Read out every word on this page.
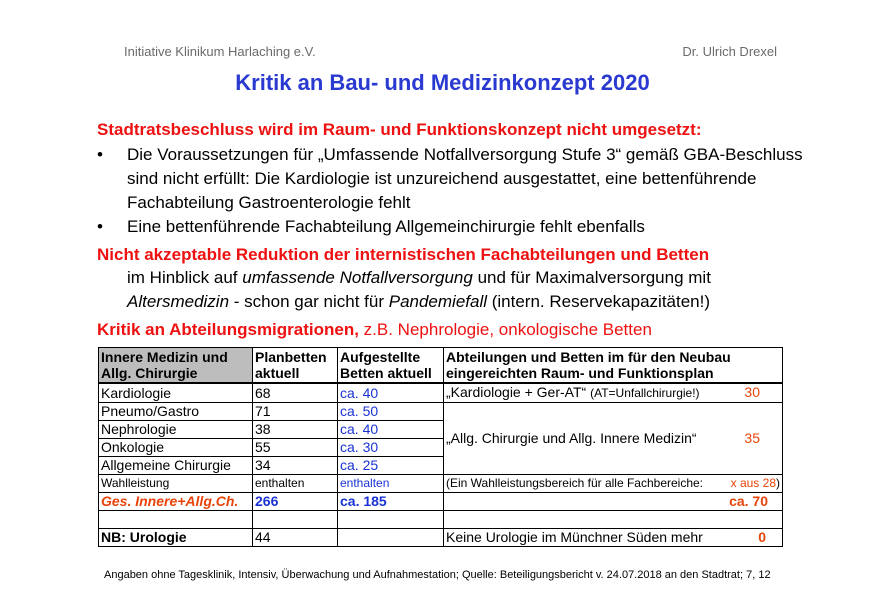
Initiative Klinikum Harlaching e.V.	Dr. Ulrich Drexel
Kritik an Bau- und Medizinkonzept 2020
Stadtratsbeschluss wird im Raum- und Funktionskonzept nicht umgesetzt:
•	Die Voraussetzungen für „Umfassende Notfallversorgung Stufe 3“ gemäß GBA-Beschluss sind nicht erfüllt: Die Kardiologie ist unzureichend ausgestattet, eine bettenführende Fachabteilung Gastroenterologie fehlt
•	Eine bettenführende Fachabteilung Allgemeinchirurgie fehlt ebenfalls
Nicht akzeptable Reduktion der internistischen Fachabteilungen und Betten
im Hinblick auf umfassende Notfallversorgung und für Maximalversorgung mit
Altersmedizin - schon gar nicht für Pandemiefall (intern. Reservekapazitäten!)
Kritik an Abteilungsmigrationen, z.B. Nephrologie, onkologische Betten
Innere Medizin und Allg. Chirurgie	Planbetten aktuell	Aufgestellte Betten aktuell	Abteilungen und Betten im für den Neubau eingereichten Raum- und Funktionsplan
Kardiologie	68	ca. 40	„Kardiologie + Ger-AT“ (AT=Unfallchirurgie!) 30

Pneumo/Gastro	71	ca. 50	„Allg. Chirurgie und Allg. Innere Medizin“ 35

Nephrologie	38	ca. 40	
Onkologie	55	ca. 30	
Allgemeine Chirurgie	34	ca. 25	
Wahlleistung	enthalten	enthalten	(Ein Wahlleistungsbereich für alle Fachbereiche: x aus 28)

Ges. Innere+Allg.Ch.	266	ca. 185	ca. 70

NB: Urologie	44		Keine Urologie im Münchner Süden mehr 0
Angaben ohne Tagesklinik, Intensiv, Überwachung und Aufnahmestation; Quelle: Beteiligungsbericht v. 24.07.2018 an den Stadtrat; 7, 12
